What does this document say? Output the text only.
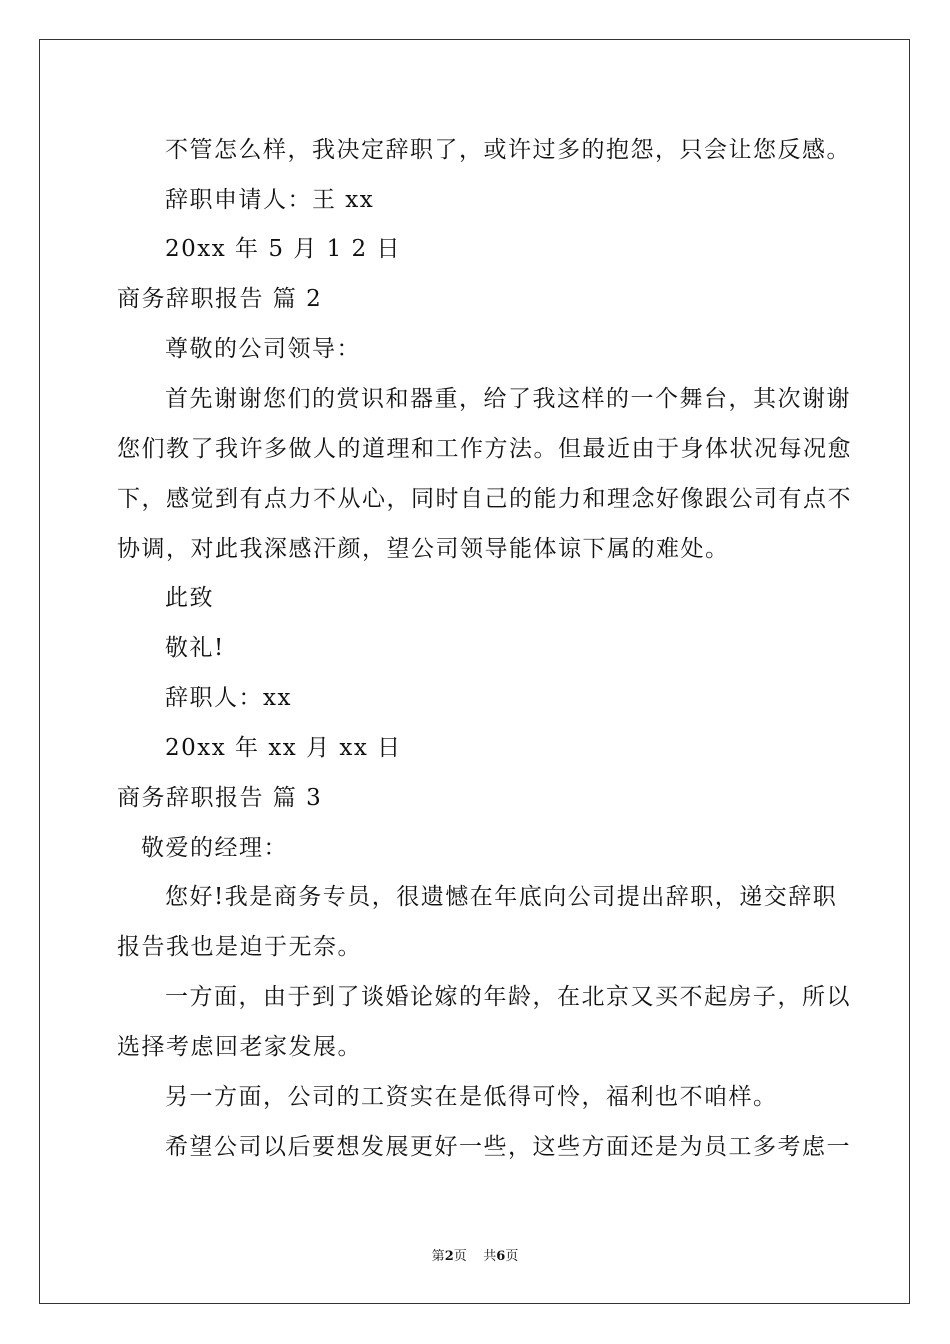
不管怎么样，我决定辞职了，或许过多的抱怨，只会让您反感。
辞职申请人：王 xx
20xx 年 5 月 1 2 日
商务辞职报告 篇 2
尊敬的公司领导：
首先谢谢您们的赏识和器重，给了我这样的一个舞台，其次谢谢
您们教了我许多做人的道理和工作方法。但最近由于身体状况每况愈
下，感觉到有点力不从心，同时自己的能力和理念好像跟公司有点不
协调，对此我深感汗颜，望公司领导能体谅下属的难处。
此致
敬礼!
辞职人：xx
20xx 年 xx 月 xx 日
商务辞职报告 篇 3
敬爱的经理：
您好!我是商务专员，很遗憾在年底向公司提出辞职，递交辞职
报告我也是迫于无奈。
一方面，由于到了谈婚论嫁的年龄，在北京又买不起房子，所以
选择考虑回老家发展。
另一方面，公司的工资实在是低得可怜，福利也不咱样。
希望公司以后要想发展更好一些，这些方面还是为员工多考虑一
第2页    共6页
